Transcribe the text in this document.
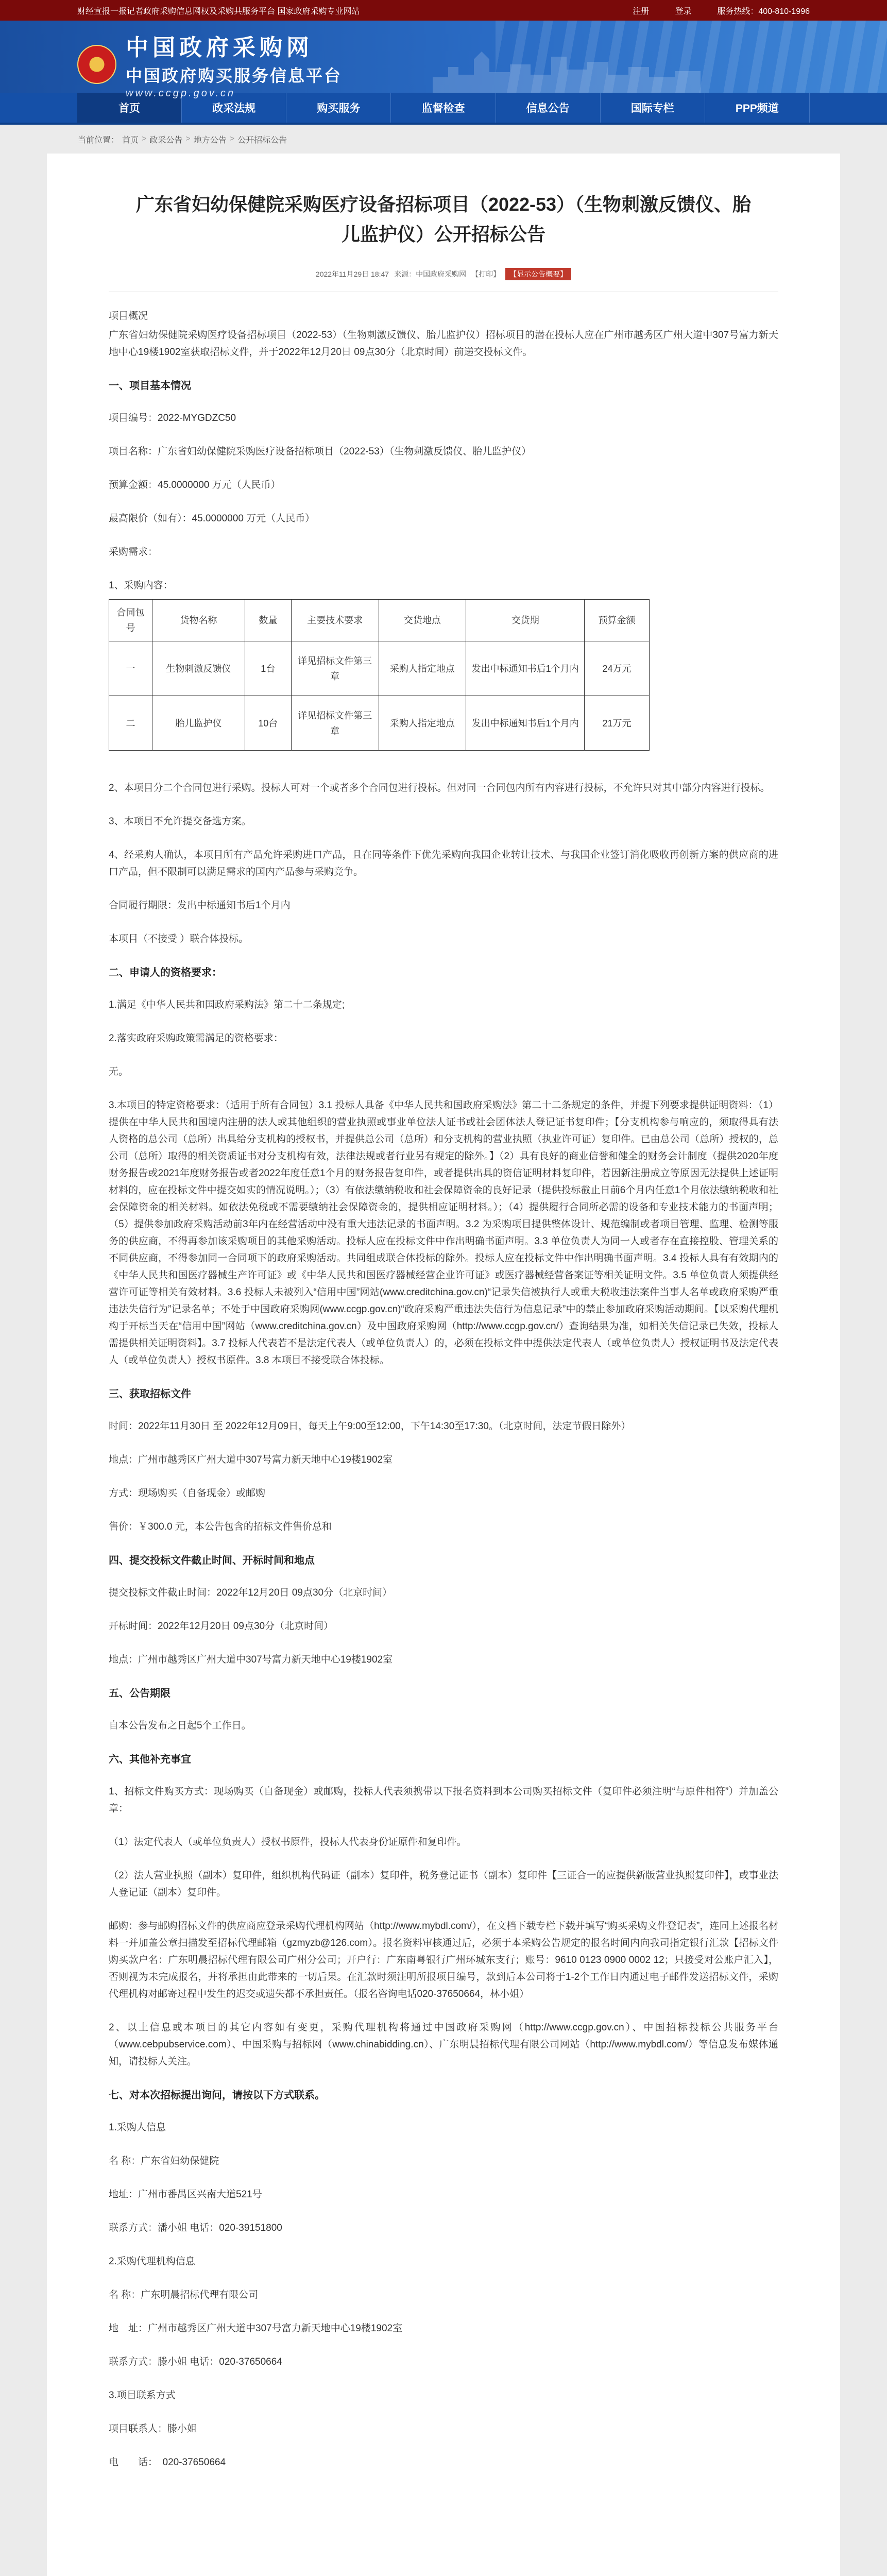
财经宣报一报记者政府采购信息网权及采购共服务平台 国家政府采购专业网站	注册	登录	服务热线：400-810-1996
中国政府采购网
中国政府购买服务信息平台
www.ccgp.gov.cn
首页	政采法规	购买服务	监督检查	信息公告	国际专栏	PPP频道
当前位置： 首页 > 政采公告 > 地方公告 > 公开招标公告
广东省妇幼保健院采购医疗设备招标项目（2022-53）（生物刺激反馈仪、胎儿监护仪）公开招标公告
2022年11月29日 18:47 来源：中国政府采购网 【打印】	【显示公告概要】

项目概况

广东省妇幼保健院采购医疗设备招标项目（2022-53）（生物刺激反馈仪、胎儿监护仪）招标项目的潜在投标人应在广州市越秀区广州大道中307号富力新天地中心19楼1902室获取招标文件，并于2022年12月20日 09点30分（北京时间）前递交投标文件。

一、项目基本情况

项目编号：2022-MYGDZC50

项目名称：广东省妇幼保健院采购医疗设备招标项目（2022-53）（生物刺激反馈仪、胎儿监护仪）

预算金额：45.0000000 万元（人民币）

最高限价（如有）：45.0000000 万元（人民币）

采购需求：

1、采购内容：

合同包号	货物名称	数量	主要技术要求	交货地点	交货期	预算金额
一	生物刺激反馈仪	1台	详见招标文件第三章	采购人指定地点	发出中标通知书后1个月内	24万元
二	胎儿监护仪	10台	详见招标文件第三章	采购人指定地点	发出中标通知书后1个月内	21万元

2、本项目分二个合同包进行采购。投标人可对一个或者多个合同包进行投标。但对同一合同包内所有内容进行投标，不允许只对其中部分内容进行投标。

3、本项目不允许提交备选方案。

4、经采购人确认，本项目所有产品允许采购进口产品，且在同等条件下优先采购向我国企业转让技术、与我国企业签订消化吸收再创新方案的供应商的进口产品，但不限制可以满足需求的国内产品参与采购竞争。

合同履行期限：发出中标通知书后1个月内

本项目（不接受 ）联合体投标。

二、申请人的资格要求：

1.满足《中华人民共和国政府采购法》第二十二条规定;

2.落实政府采购政策需满足的资格要求：

无。

3.本项目的特定资格要求：（适用于所有合同包）3.1 投标人具备《中华人民共和国政府采购法》第二十二条规定的条件，并提下列要求提供证明资料：（1）提供在中华人民共和国境内注册的法人或其他组织的营业执照或事业单位法人证书或社会团体法人登记证书复印件；【分支机构参与响应的，须取得具有法人资格的总公司（总所）出具给分支机构的授权书，并提供总公司（总所）和分支机构的营业执照（执业许可证）复印件。已由总公司（总所）授权的，总公司（总所）取得的相关资质证书对分支机构有效，法律法规或者行业另有规定的除外。】（2）具有良好的商业信誉和健全的财务会计制度（提供2020年度财务报告或2021年度财务报告或者2022年度任意1个月的财务报告复印件，或者提供出具的资信证明材料复印件，若因新注册成立等原因无法提供上述证明材料的，应在投标文件中提交如实的情况说明。）；（3）有依法缴纳税收和社会保障资金的良好记录（提供投标截止日前6个月内任意1个月依法缴纳税收和社会保障资金的相关材料。如依法免税或不需要缴纳社会保障资金的，提供相应证明材料。）；（4）提供履行合同所必需的设备和专业技术能力的书面声明；（5）提供参加政府采购活动前3年内在经营活动中没有重大违法记录的书面声明。3.2 为采购项目提供整体设计、规范编制或者项目管理、监理、检测等服务的供应商，不得再参加该采购项目的其他采购活动。投标人应在投标文件中作出明确书面声明。3.3 单位负责人为同一人或者存在直接控股、管理关系的不同供应商，不得参加同一合同项下的政府采购活动。共同组成联合体投标的除外。投标人应在投标文件中作出明确书面声明。3.4 投标人具有有效期内的《中华人民共和国医疗器械生产许可证》或《中华人民共和国医疗器械经营企业许可证》或医疗器械经营备案证等相关证明文件。3.5 单位负责人须提供经营许可证等相关有效材料。3.6 投标人未被列入“信用中国”网站(www.creditchina.gov.cn)“记录失信被执行人或重大税收违法案件当事人名单或政府采购严重违法失信行为”记录名单；不处于中国政府采购网(www.ccgp.gov.cn)“政府采购严重违法失信行为信息记录”中的禁止参加政府采购活动期间。【以采购代理机构于开标当天在“信用中国”网站（www.creditchina.gov.cn）及中国政府采购网（http://www.ccgp.gov.cn/）查询结果为准，如相关失信记录已失效，投标人需提供相关证明资料】。3.7 投标人代表若不是法定代表人（或单位负责人）的，必须在投标文件中提供法定代表人（或单位负责人）授权证明书及法定代表人（或单位负责人）授权书原件。3.8 本项目不接受联合体投标。

三、获取招标文件

时间：2022年11月30日 至 2022年12月09日，每天上午9:00至12:00，下午14:30至17:30。（北京时间，法定节假日除外）

地点：广州市越秀区广州大道中307号富力新天地中心19楼1902室

方式：现场购买（自备现金）或邮购

售价：￥300.0 元，本公告包含的招标文件售价总和

四、提交投标文件截止时间、开标时间和地点

提交投标文件截止时间：2022年12月20日 09点30分（北京时间）

开标时间：2022年12月20日 09点30分（北京时间）

地点：广州市越秀区广州大道中307号富力新天地中心19楼1902室

五、公告期限

自本公告发布之日起5个工作日。

六、其他补充事宜

1、招标文件购买方式：现场购买（自备现金）或邮购，投标人代表须携带以下报名资料到本公司购买招标文件（复印件必须注明“与原件相符”）并加盖公章：

（1）法定代表人（或单位负责人）授权书原件，投标人代表身份证原件和复印件。

（2）法人营业执照（副本）复印件，组织机构代码证（副本）复印件，税务登记证书（副本）复印件【三证合一的应提供新版营业执照复印件】，或事业法人登记证（副本）复印件。

邮购：参与邮购招标文件的供应商应登录采购代理机构网站（http://www.mybdl.com/），在文档下载专栏下载并填写“购买采购文件登记表”，连同上述报名材料一并加盖公章扫描发至招标代理邮箱（gzmyzb@126.com）。报名资料审核通过后，必须于本采购公告规定的报名时间内向我司指定银行汇款【招标文件购买款户名：广东明晨招标代理有限公司广州分公司；开户行：广东南粤银行广州环城东支行；账号：9610 0123 0900 0002 12；只接受对公账户汇入】，否则视为未完成报名，并将承担由此带来的一切后果。在汇款时须注明所报项目编号，款到后本公司将于1-2个工作日内通过电子邮件发送招标文件，采购代理机构对邮寄过程中发生的迟交或遗失都不承担责任。（报名咨询电话020-37650664，林小姐）

2、以上信息或本项目的其它内容如有变更，采购代理机构将通过中国政府采购网（http://www.ccgp.gov.cn）、中国招标投标公共服务平台（www.cebpubservice.com）、中国采购与招标网（www.chinabidding.cn）、广东明晨招标代理有限公司网站（http://www.mybdl.com/）等信息发布媒体通知，请投标人关注。

七、对本次招标提出询问，请按以下方式联系。

1.采购人信息

名 称：广东省妇幼保健院

地址：广州市番禺区兴南大道521号

联系方式：潘小姐 电话：020-39151800

2.采购代理机构信息

名 称：广东明晨招标代理有限公司

地　址：广州市越秀区广州大道中307号富力新天地中心19楼1902室

联系方式：滕小姐 电话：020-37650664

3.项目联系方式

项目联系人：滕小姐

电　　话：　020-37650664
